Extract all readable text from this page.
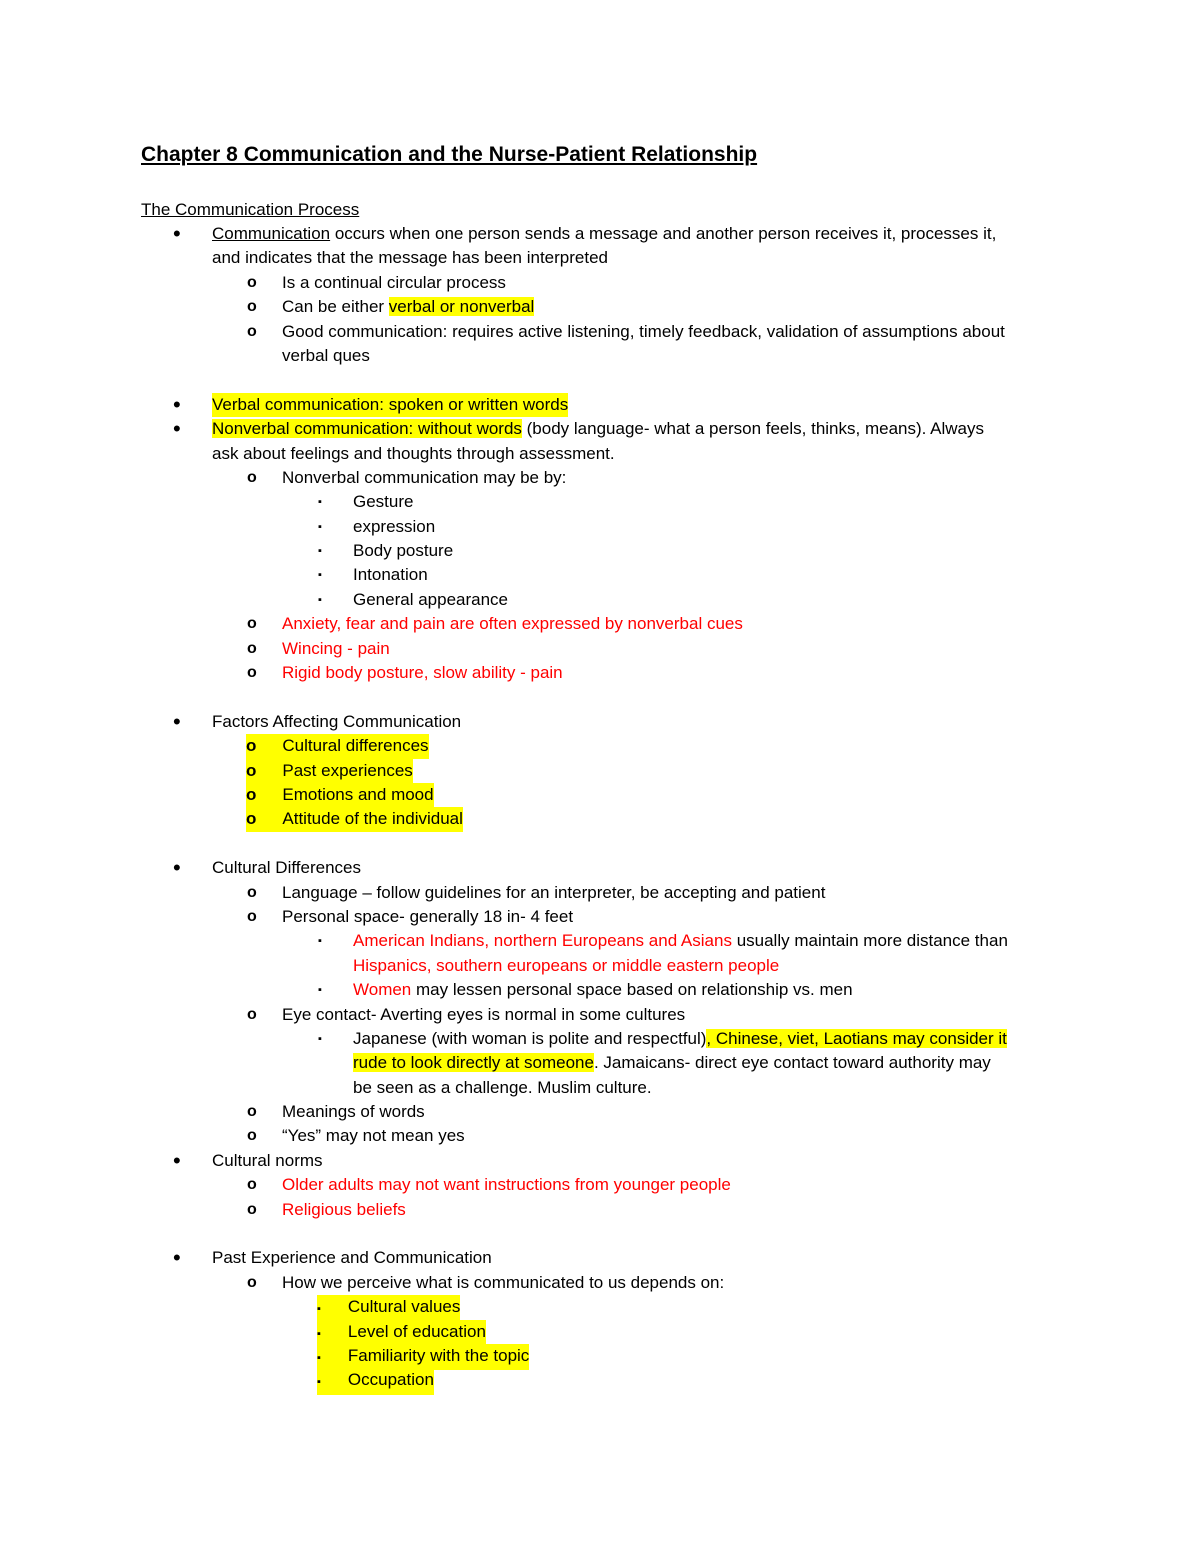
Chapter 8 Communication and the Nurse-Patient Relationship
The Communication Process
• Communication occurs when one person sends a message and another person receives it, processes it,
and indicates that the message has been interpreted
o Is a continual circular process
o Can be either verbal or nonverbal
o Good communication: requires active listening, timely feedback, validation of assumptions about
verbal ques
• Verbal communication: spoken or written words
• Nonverbal communication: without words (body language- what a person feels, thinks, means). Always
ask about feelings and thoughts through assessment.
o Nonverbal communication may be by:
▪ Gesture
▪ expression
▪ Body posture
▪ Intonation
▪ General appearance
o Anxiety, fear and pain are often expressed by nonverbal cues
o Wincing - pain
o Rigid body posture, slow ability - pain
• Factors Affecting Communication
o Cultural differences
o Past experiences
o Emotions and mood
o Attitude of the individual
• Cultural Differences
o Language – follow guidelines for an interpreter, be accepting and patient
o Personal space- generally 18 in- 4 feet
▪ American Indians, northern Europeans and Asians usually maintain more distance than
Hispanics, southern europeans or middle eastern people
▪ Women may lessen personal space based on relationship vs. men
o Eye contact- Averting eyes is normal in some cultures
▪ Japanese (with woman is polite and respectful), Chinese, viet, Laotians may consider it
rude to look directly at someone. Jamaicans- direct eye contact toward authority may
be seen as a challenge. Muslim culture.
o Meanings of words
o “Yes” may not mean yes
• Cultural norms
o Older adults may not want instructions from younger people
o Religious beliefs
• Past Experience and Communication
o How we perceive what is communicated to us depends on:
▪ Cultural values
▪ Level of education
▪ Familiarity with the topic
▪ Occupation
